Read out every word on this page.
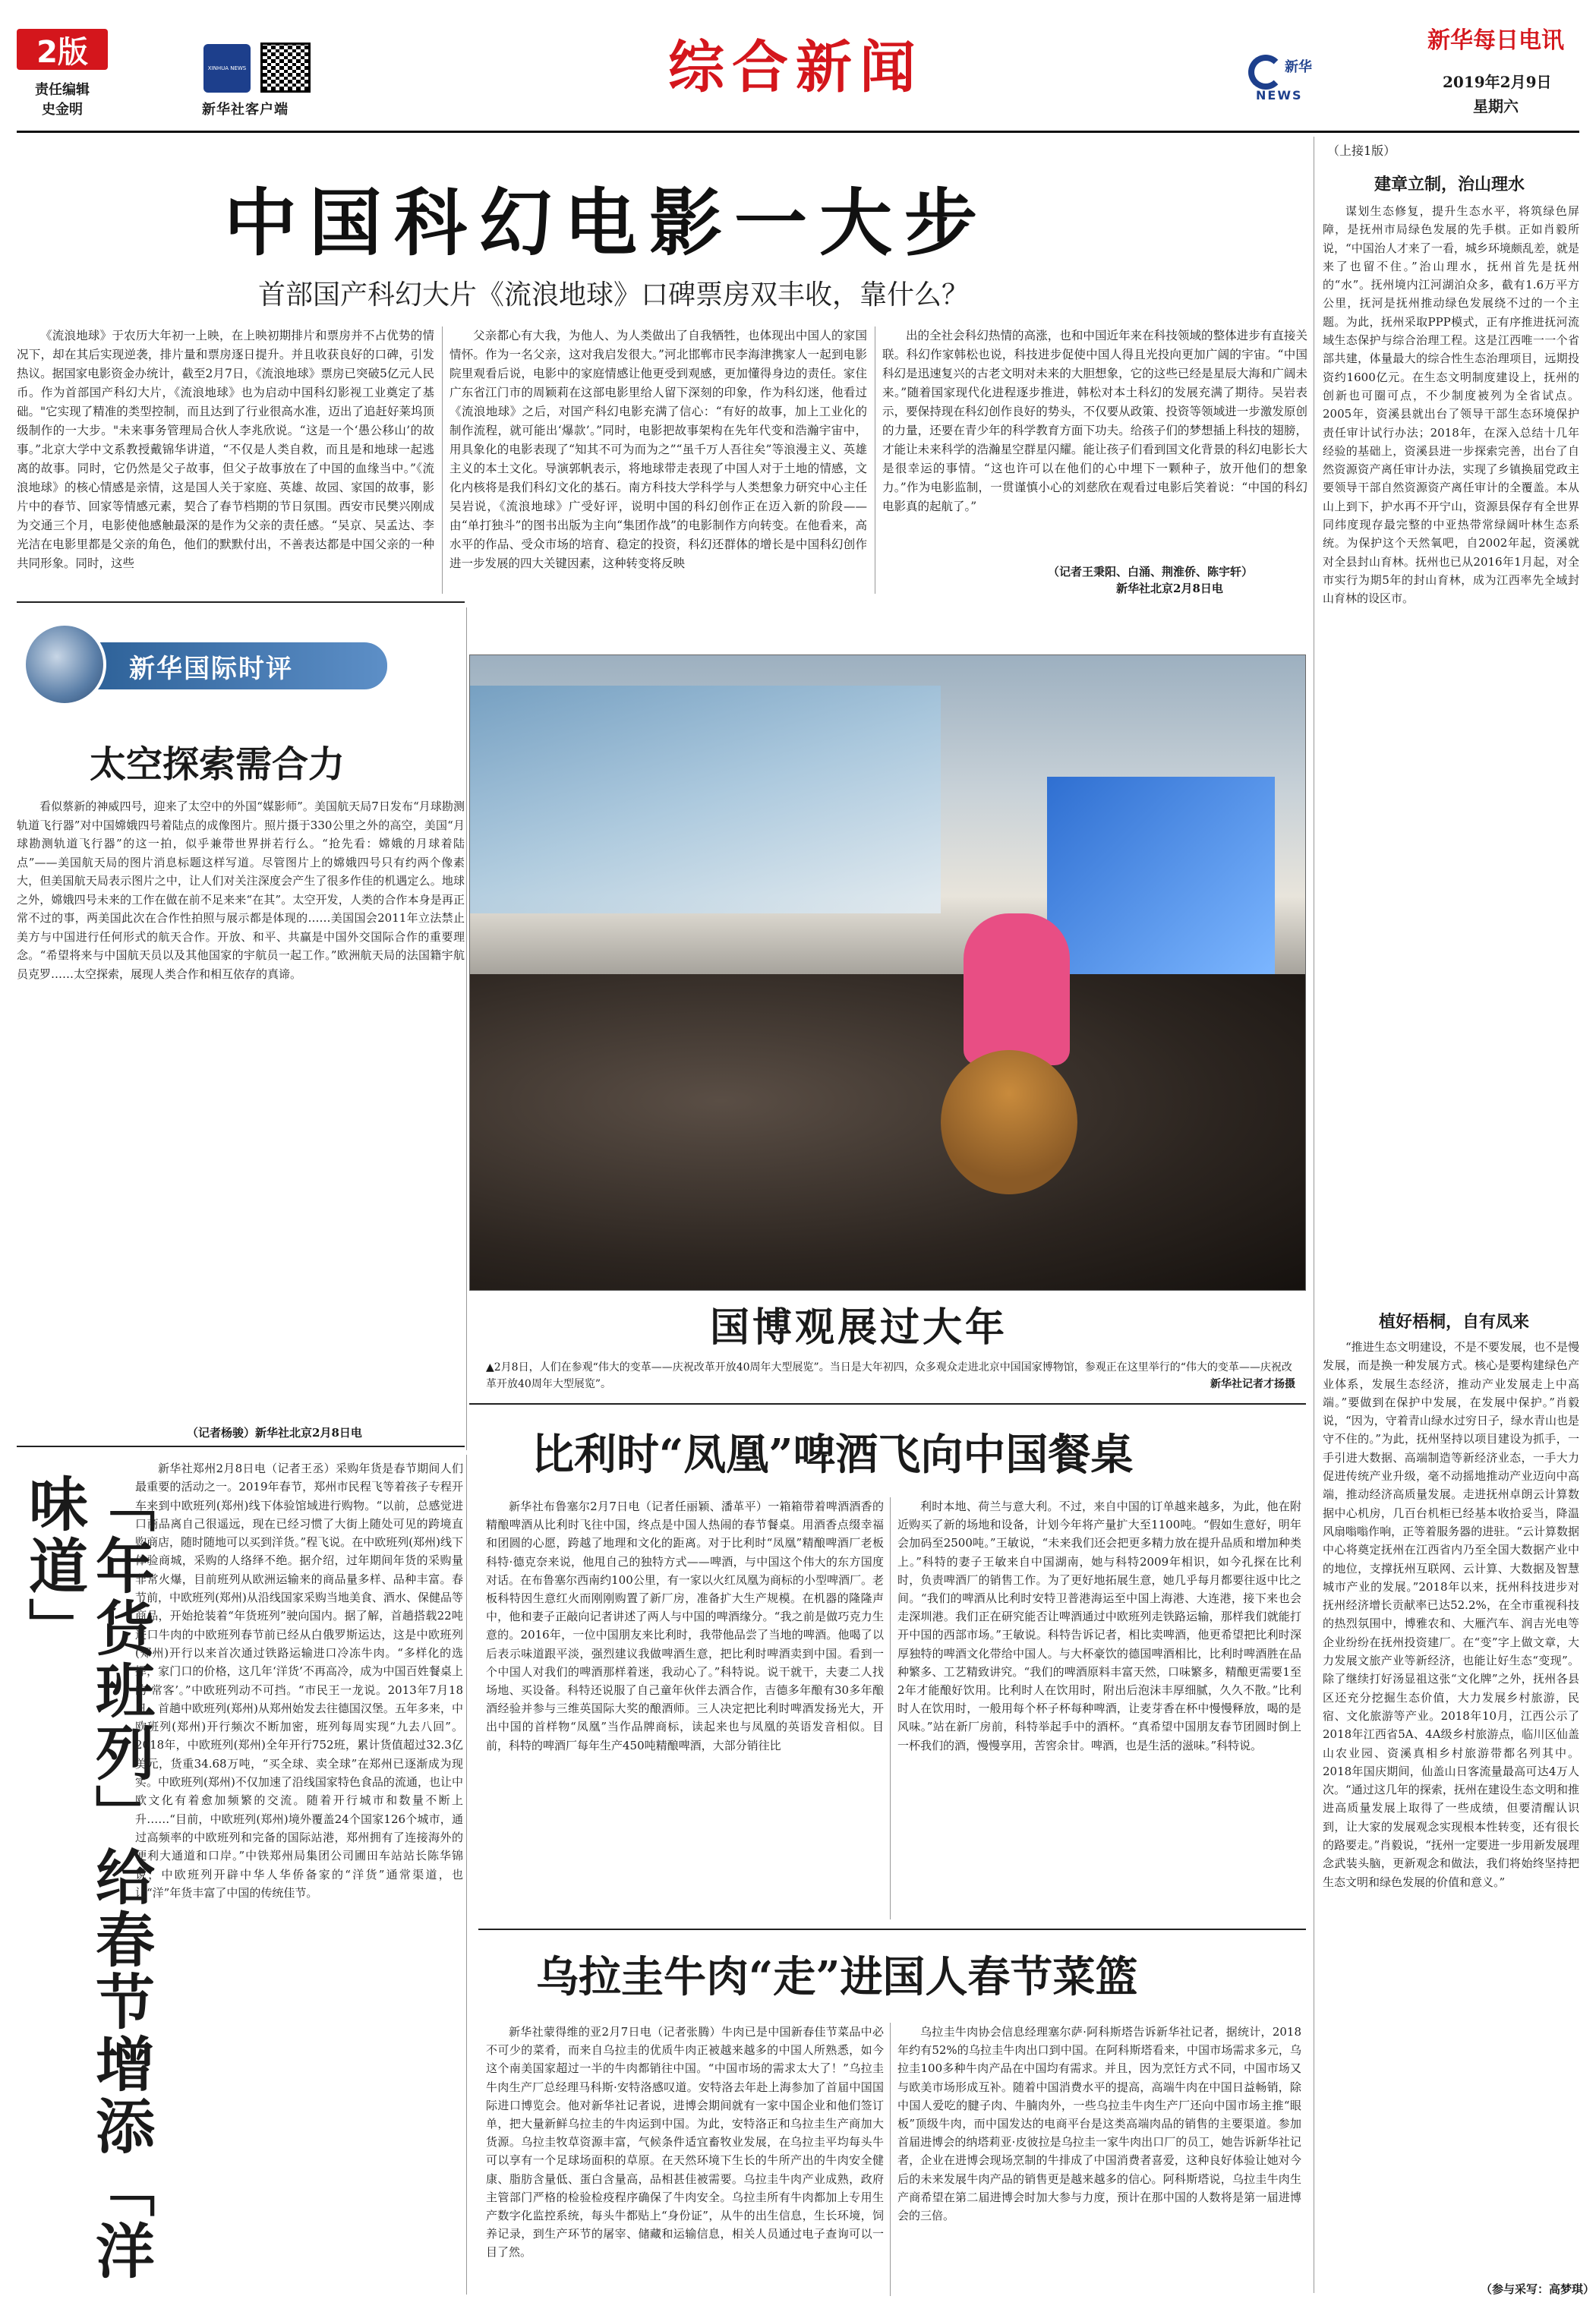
2版
责任编辑
史金明
XINHUA NEWS
新华社客户端
综合新闻	新华
NEWS
新华每日电讯
2019年2月9日
星期六
中国科幻电影一大步
首部国产科幻大片《流浪地球》口碑票房双丰收，靠什么？

《流浪地球》于农历大年初一上映，在上映初期排片和票房并不占优势的情况下，却在其后实现逆袭，排片量和票房逐日提升。并且收获良好的口碑，引发热议。据国家电影资金办统计，截至2月7日，《流浪地球》票房已突破5亿元人民币。作为首部国产科幻大片，《流浪地球》也为启动中国科幻影视工业奠定了基础。"它实现了精准的类型控制，而且达到了行业很高水准，迈出了追赶好莱坞顶级制作的一大步。"未来事务管理局合伙人李兆欣说。“这是一个‘愚公移山’的故事。”北京大学中文系教授戴锦华讲道，“不仅是人类自救，而且是和地球一起逃离的故事。同时，它仍然是父子故事，但父子故事放在了中国的血缘当中。”《流浪地球》的核心情感是亲情，这是国人关于家庭、英雄、故园、家国的故事，影片中的春节、回家等情感元素，契合了春节档期的节日氛围。西安市民樊兴刚成为交通三个月，电影使他感触最深的是作为父亲的责任感。“吴京、吴孟达、李光洁在电影里都是父亲的角色，他们的默默付出，不善表达都是中国父亲的一种共同形象。同时，这些

父亲都心有大我，为他人、为人类做出了自我牺牲，也体现出中国人的家国情怀。作为一名父亲，这对我启发很大。”河北邯郸市民李海津携家人一起到电影院里观看后说，电影中的家庭情感让他更受到观感，更加懂得身边的责任。家住广东省江门市的周颖莉在这部电影里给人留下深刻的印象，作为科幻迷，他看过《流浪地球》之后，对国产科幻电影充满了信心：“有好的故事，加上工业化的制作流程，就可能出‘爆款’。”同时，电影把故事架构在先年代变和浩瀚宇宙中，用具象化的电影表现了“知其不可为而为之”“虽千万人吾往矣”等浪漫主义、英雄主义的本土文化。导演郭帆表示，将地球带走表现了中国人对于土地的情感，文化内核将是我们科幻文化的基石。南方科技大学科学与人类想象力研究中心主任吴岩说，《流浪地球》广受好评，说明中国的科幻创作正在迈入新的阶段——由“单打独斗”的图书出版为主向“集团作战”的电影制作方向转变。在他看来，高水平的作品、受众市场的培育、稳定的投资，科幻还群体的增长是中国科幻创作进一步发展的四大关键因素，这种转变将反映

出的全社会科幻热情的高涨，也和中国近年来在科技领域的整体进步有直接关联。科幻作家韩松也说，科技进步促使中国人得且光投向更加广阔的宇宙。“中国科幻是迅速复兴的古老文明对未来的大胆想象，它的这些已经是星辰大海和广阔未来。”随着国家现代化进程逐步推进，韩松对本土科幻的发展充满了期待。吴岩表示，要保持现在科幻创作良好的势头，不仅要从政策、投资等领域进一步激发原创的力量，还要在青少年的科学教育方面下功夫。给孩子们的梦想插上科技的翅膀，才能让未来科学的浩瀚星空群星闪耀。能让孩子们看到国文化背景的科幻电影长大是很幸运的事情。“这也许可以在他们的心中埋下一颗种子，放开他们的想象力。”作为电影监制，一贯谨慎小心的刘慈欣在观看过电影后笑着说：“中国的科幻电影真的起航了。”

（记者王秉阳、白涌、荆淮侨、陈宇轩）
新华社北京2月8日电
新华国际时评
太空探索需合力

看似蔡新的神威四号，迎来了太空中的外国“媒影师”。美国航天局7日发布“月球勘测轨道飞行器”对中国嫦娥四号着陆点的成像图片。照片摄于330公里之外的高空，美国“月球勘测轨道飞行器”的这一拍，似乎兼带世界拼若行么。“抢先看：嫦娥的月球着陆点”——美国航天局的图片消息标题这样写道。尽管图片上的嫦娥四号只有约两个像素大，但美国航天局表示图片之中，让人们对关注深度会产生了很多作佳的机遇定么。地球之外，嫦娥四号未来的工作在做在前不足来来“在其”。太空开发，人类的合作本身是再正常不过的事，两美国此次在合作性拍照与展示都是体现的……美国国会2011年立法禁止美方与中国进行任何形式的航天合作。开放、和平、共赢是中国外交国际合作的重要理念。“希望将来与中国航天员以及其他国家的宇航员一起工作。”欧洲航天局的法国籍宇航员克罗……太空探索，展现人类合作和相互依存的真谛。

（记者杨骏）新华社北京2月8日电
国博观展过大年
▲2月8日，人们在参观“伟大的变革——庆祝改革开放40周年大型展览”。当日是大年初四，众多观众走进北京中国国家博物馆，参观正在这里举行的“伟大的变革——庆祝改革开放40周年大型展览”。	新华社记者才扬摄
（上接1版）
建章立制，治山理水

谋划生态修复，提升生态水平，将筑绿色屏障，是抚州市局绿色发展的先手棋。正如肖毅所说，“中国治人才来了一看，城乡环境颇乱差，就是来了也留不住。”治山理水，抚州首先是抚州的“水”。抚州境内江河湖泊众多，截有1.6万平方公里，抚河是抚州推动绿色发展绕不过的一个主题。为此，抚州采取PPP模式，正有序推进抚河流域生态保护与综合治理工程。这是江西唯一一个省部共建，体量最大的综合性生态治理项目，远期投资约1600亿元。在生态文明制度建设上，抚州的创新也可圈可点，不少制度被列为全省试点。2005年，资溪县就出台了领导干部生态环境保护责任审计试行办法；2018年，在深入总结十几年经验的基础上，资溪县进一步探索完善，出台了自然资源资产离任审计办法，实现了乡镇换届党政主要领导干部自然资源资产离任审计的全覆盖。本从山上到下，护水再不开宁山，资源县保存有全世界同纬度现存最完整的中亚热带常绿阔叶林生态系统。为保护这个天然氧吧，自2002年起，资溪就对全县封山育林。抚州也已从2016年1月起，对全市实行为期5年的封山育林，成为江西率先全域封山育林的设区市。

植好梧桐，自有凤来

“推进生态文明建设，不是不要发展，也不是慢发展，而是换一种发展方式。核心是要构建绿色产业体系，发展生态经济，推动产业发展走上中高端。”要做到在保护中发展，在发展中保护。”肖毅说，“因为，守着青山绿水过穷日子，绿水青山也是守不住的。”为此，抚州坚持以项目建设为抓手，一手引进大数据、高端制造等新经济业态，一手大力促进传统产业升级，毫不动摇地推动产业迈向中高端，推动经济高质量发展。走进抚州卓朗云计算数据中心机房，几百台机柜已经基本收拾妥当，降温风扇嗡嗡作响，正等着服务器的进驻。“云计算数据中心将奠定抚州在江西省内乃至全国大数据产业中的地位，支撑抚州互联网、云计算、大数据及智慧城市产业的发展。”2018年以来，抚州科技进步对抚州经济增长贡献率已达52.2%，在全市重视科技的热烈氛围中，博雅农和、大雁汽车、润吉光电等企业纷纷在抚州投资建厂。在“变”字上做文章，大力发展文旅产业等新经济，也能让好生态“变现”。除了继续打好汤显祖这张“文化牌”之外，抚州各县区还充分挖掘生态价值，大力发展乡村旅游，民宿、文化旅游等产业。2018年10月，江西公示了2018年江西省5A、4A级乡村旅游点，临川区仙盖山农业园、资溪真相乡村旅游带都名列其中。2018年国庆期间，仙盖山日客流量最高可达4万人次。“通过这几年的探索，抚州在建设生态文明和推进高质量发展上取得了一些成绩，但要清醒认识到，让大家的发展观念实现根本性转变，还有很长的路要走。”肖毅说，“抚州一定要进一步用新发展理念武装头脑，更新观念和做法，我们将始终坚持把生态文明和绿色发展的价值和意义。”

（参与采写：高梦琪）
「年货班列」给春节增添「洋味道」

新华社郑州2月8日电（记者王丞）采购年货是春节期间人们最重要的活动之一。2019年春节，郑州市民程飞等着孩子专程开车来到中欧班列(郑州)线下体验馆域进行购物。“以前，总感觉进口商品离自己很遥远，现在已经习惯了大街上随处可见的跨境直购商店，随时随地可以买到洋货。”程飞说。在中欧班列(郑州)线下体验商城，采购的人络绎不绝。据介绍，过年期间年货的采购量非常火爆，目前班列从欧洲运输来的商品量多样、品种丰富。春节前，中欧班列(郑州)从沿线国家采购当地美食、酒水、保健品等商品，开始抢装着“年货班列”驶向国内。据了解，首趟搭载22吨进口牛肉的中欧班列春节前已经从白俄罗斯运达，这是中欧班列(郑州)开行以来首次通过铁路运输进口冷冻牛肉。“多样化的选择，家门口的价格，这几年‘洋货’不再高冷，成为中国百姓餐桌上的‘常客’。”中欧班列动不可挡。“市民王一龙说。2013年7月18日，首趟中欧班列(郑州)从郑州始发去往德国汉堡。五年多来，中欧班列(郑州)开行频次不断加密，班列每周实现“九去八回”。2018年，中欧班列(郑州)全年开行752班，累计货值超过32.3亿美元，货重34.68万吨，“买全球、卖全球”在郑州已逐渐成为现实。中欧班列(郑州)不仅加速了沿线国家特色食品的流通，也让中欧文化有着愈加频繁的交流。随着开行城市和数量不断上升……“目前，中欧班列(郑州)境外覆盖24个国家126个城市，通过高频率的中欧班列和完备的国际站港，郑州拥有了连接海外的便利大通道和口岸。”中铁郑州局集团公司圃田车站站长陈华锦说，中欧班列开辟中华人华侨备家的“洋货”通常渠道，也让“洋”年货丰富了中国的传统佳节。

比利时“凤凰”啤酒飞向中国餐桌

新华社布鲁塞尔2月7日电（记者任丽颖、潘革平）一箱箱带着啤酒酒香的精酿啤酒从比利时飞往中国，终点是中国人热闹的春节餐桌。用酒香点缀幸福和团圆的心愿，跨越了地理和文化的距离。对于比利时“凤凰”精酿啤酒厂老板科特·德克奈来说，他甩自己的独特方式——啤酒，与中国这个伟大的东方国度对话。在布鲁塞尔西南约100公里，有一家以火红凤凰为商标的小型啤酒厂。老板科特因生意红火而刚刚购置了新厂房，准备扩大生产规模。在机器的隆隆声中，他和妻子正敲向记者讲述了两人与中国的啤酒缘分。“我之前是做巧克力生意的。2016年，一位中国朋友来比利时，我带他品尝了当地的啤酒。他喝了以后表示味道跟平淡，强烈建议我做啤酒生意，把比利时啤酒卖到中国。看到一个中国人对我们的啤酒那样着迷，我动心了。”科特说。说干就干，夫妻二人找场地、买设备。科特还说服了自己童年伙伴去酒合作，吉德多年酿有30多年酿酒经验并参与三维英国际大奖的酿酒师。三人决定把比利时啤酒发扬光大，开出中国的首样物“凤凰”当作品牌商标，读起来也与凤凰的英语发音相似。目前，科特的啤酒厂每年生产450吨精酿啤酒，大部分销往比

利时本地、荷兰与意大利。不过，来自中国的订单越来越多，为此，他在附近购买了新的场地和设备，计划今年将产量扩大至1100吨。“假如生意好，明年会加码至2500吨。”王敏说，“未来我们还会把更多精力放在提升品质和增加种类上。”科特的妻子王敏来自中国湖南，她与科特2009年相识，如今孔探在比利时，负责啤酒厂的销售工作。为了更好地拓展生意，她几乎每月都要往返中比之间。“我们的啤酒从比利时安特卫普港海运至中国上海港、大连港，接下来也会走深圳港。我们正在研究能否让啤酒通过中欧班列走铁路运输，那样我们就能打开中国的西部市场。”王敏说。科特告诉记者，相比卖啤酒，他更希望把比利时深厚独特的啤酒文化带给中国人。与大杯豪饮的德国啤酒相比，比利时啤酒胜在品种繁多、工艺精致讲究。“我们的啤酒原料丰富天然，口味繁多，精酿更需要1至2年才能酿好饮用。比利时人在饮用时，附出后泡沫丰厚细腻，久久不散。”比利时人在饮用时，一般用每个杯子杯每种啤酒，让麦芽香在杯中慢慢释放，喝的是风味。”站在新厂房前，科特举起手中的酒杯。“真希望中国朋友春节团圆时倒上一杯我们的酒，慢慢享用，苦窖余甘。啤酒，也是生活的滋味。”科特说。

乌拉圭牛肉“走”进国人春节菜篮

新华社蒙得维的亚2月7日电（记者张腾）牛肉已是中国新春佳节菜品中必不可少的菜肴，而来自乌拉圭的优质牛肉正被越来越多的中国人所熟悉，如今这个南美国家超过一半的牛肉都销往中国。“中国市场的需求太大了！”乌拉圭牛肉生产厂总经理马科斯·安特洛感叹道。安特洛去年赴上海参加了首届中国国际进口博览会。他对新华社记者说，进博会期间就有一家中国企业和他们签订单，把大量新鲜乌拉圭的牛肉运到中国。为此，安特洛正和乌拉圭生产商加大货源。乌拉圭牧草资源丰富，气候条件适宜畜牧业发展，在乌拉圭平均每头牛可以享有一个足球场面积的草原。在天然环境下生长的牛所产出的牛肉安全健康、脂肪含量低、蛋白含量高，品相甚佳被需要。乌拉圭牛肉产业成熟，政府主管部门严格的检验检疫程序确保了牛肉安全。乌拉圭所有牛肉都加上专用生产数字化监控系统，每头牛都贴上“身份证”，从牛的出生信息，生长环境，饲养记录，到生产环节的屠宰、储藏和运输信息，相关人员通过电子查询可以一目了然。

乌拉圭牛肉协会信息经理塞尔萨·阿科斯塔告诉新华社记者，据统计，2018年约有52%的乌拉圭牛肉出口到中国。在阿科斯塔看来，中国市场需求多元，乌拉圭100多种牛肉产品在中国均有需求。并且，因为烹饪方式不同，中国市场又与欧美市场形成互补。随着中国消费水平的提高，高端牛肉在中国日益畅销，除中国人爱吃的腱子肉、牛腩肉外，一些乌拉圭牛肉生产厂还向中国市场主推“眼板”顶级牛肉，而中国发达的电商平台是这类高端肉品的销售的主要渠道。参加首届进博会的纳塔莉亚·皮彼拉是乌拉圭一家牛肉出口厂的员工，她告诉新华社记者，企业在进博会现场烹制的牛排成了中国消费者喜爱，这种良好体验让她对今后的未来发展牛肉产品的销售更是越来越多的信心。阿科斯塔说，乌拉圭牛肉生产商希望在第二届进博会时加大参与力度，预计在那中国的人数将是第一届进博会的三倍。
